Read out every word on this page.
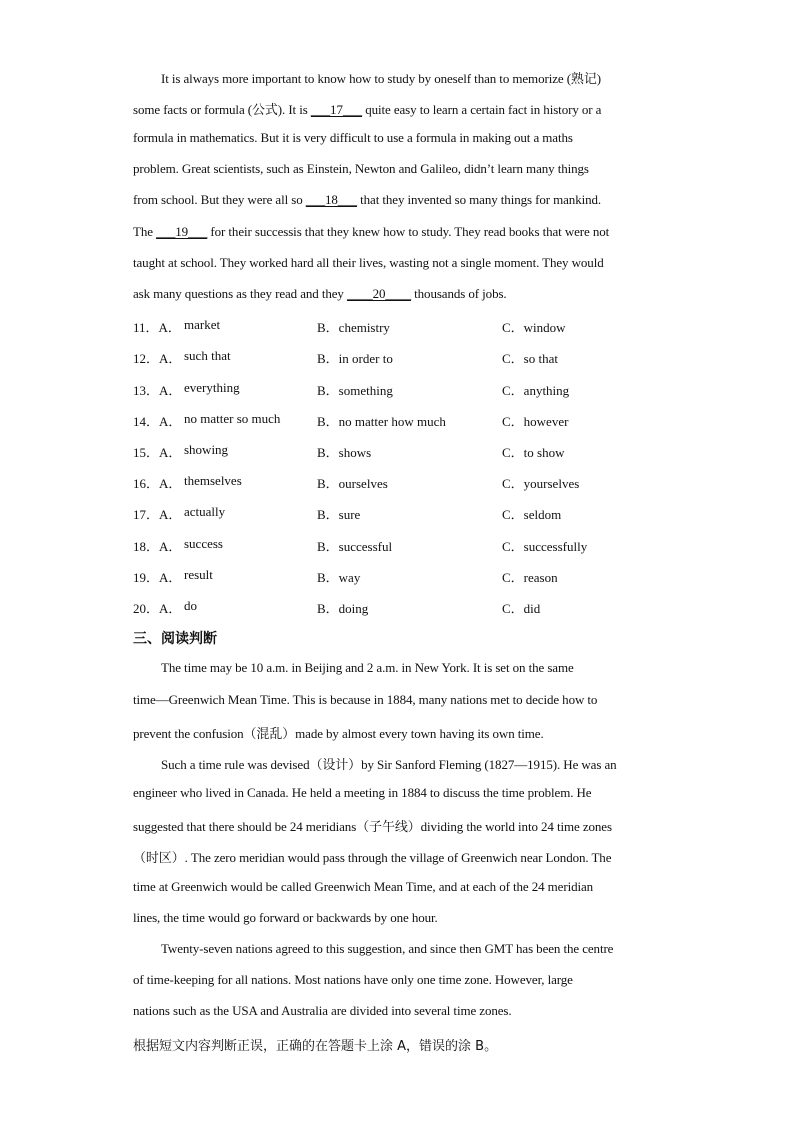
It is always more important to know how to study by oneself than to memorize (熟记)
some facts or formula (公式). It is ___17___ quite easy to learn a certain fact in history or a
formula in mathematics. But it is very difficult to use a formula in making out a maths
problem. Great scientists, such as Einstein, Newton and Galileo, didn’t learn many things
from school. But they were all so ___18___ that they invented so many things for mankind.
The ___19___ for their successis that they knew how to study. They read books that were not
taught at school. They worked hard all their lives, wasting not a single moment. They would
ask many questions as they read and they ____20____ thousands of jobs.
11．A． market	B．chemistry	C．window
12．A． such that	B．in order to	C．so that
13．A． everything	B．something	C．anything
14．A． no matter so much	B．no matter how much	C．however
15．A． showing	B．shows	C．to show
16．A． themselves	B．ourselves	C．yourselves
17．A． actually	B．sure	C．seldom
18．A． success	B．successful	C．successfully
19．A． result	B．way	C．reason
20．A． do	B．doing	C．did
三、阅读判断
The time may be 10 a.m. in Beijing and 2 a.m. in New York. It is set on the same
time—Greenwich Mean Time. This is because in 1884, many nations met to decide how to
prevent the confusion（混乱）made by almost every town having its own time.
Such a time rule was devised（设计）by Sir Sanford Fleming (1827—1915). He was an
engineer who lived in Canada. He held a meeting in 1884 to discuss the time problem. He
suggested that there should be 24 meridians（子午线）dividing the world into 24 time zones
（时区）. The zero meridian would pass through the village of Greenwich near London. The
time at Greenwich would be called Greenwich Mean Time, and at each of the 24 meridian
lines, the time would go forward or backwards by one hour.
Twenty-seven nations agreed to this suggestion, and since then GMT has been the centre
of time-keeping for all nations. Most nations have only one time zone. However, large
nations such as the USA and Australia are divided into several time zones.
根据短文内容判断正误，正确的在答题卡上涂 A，错误的涂 B。
